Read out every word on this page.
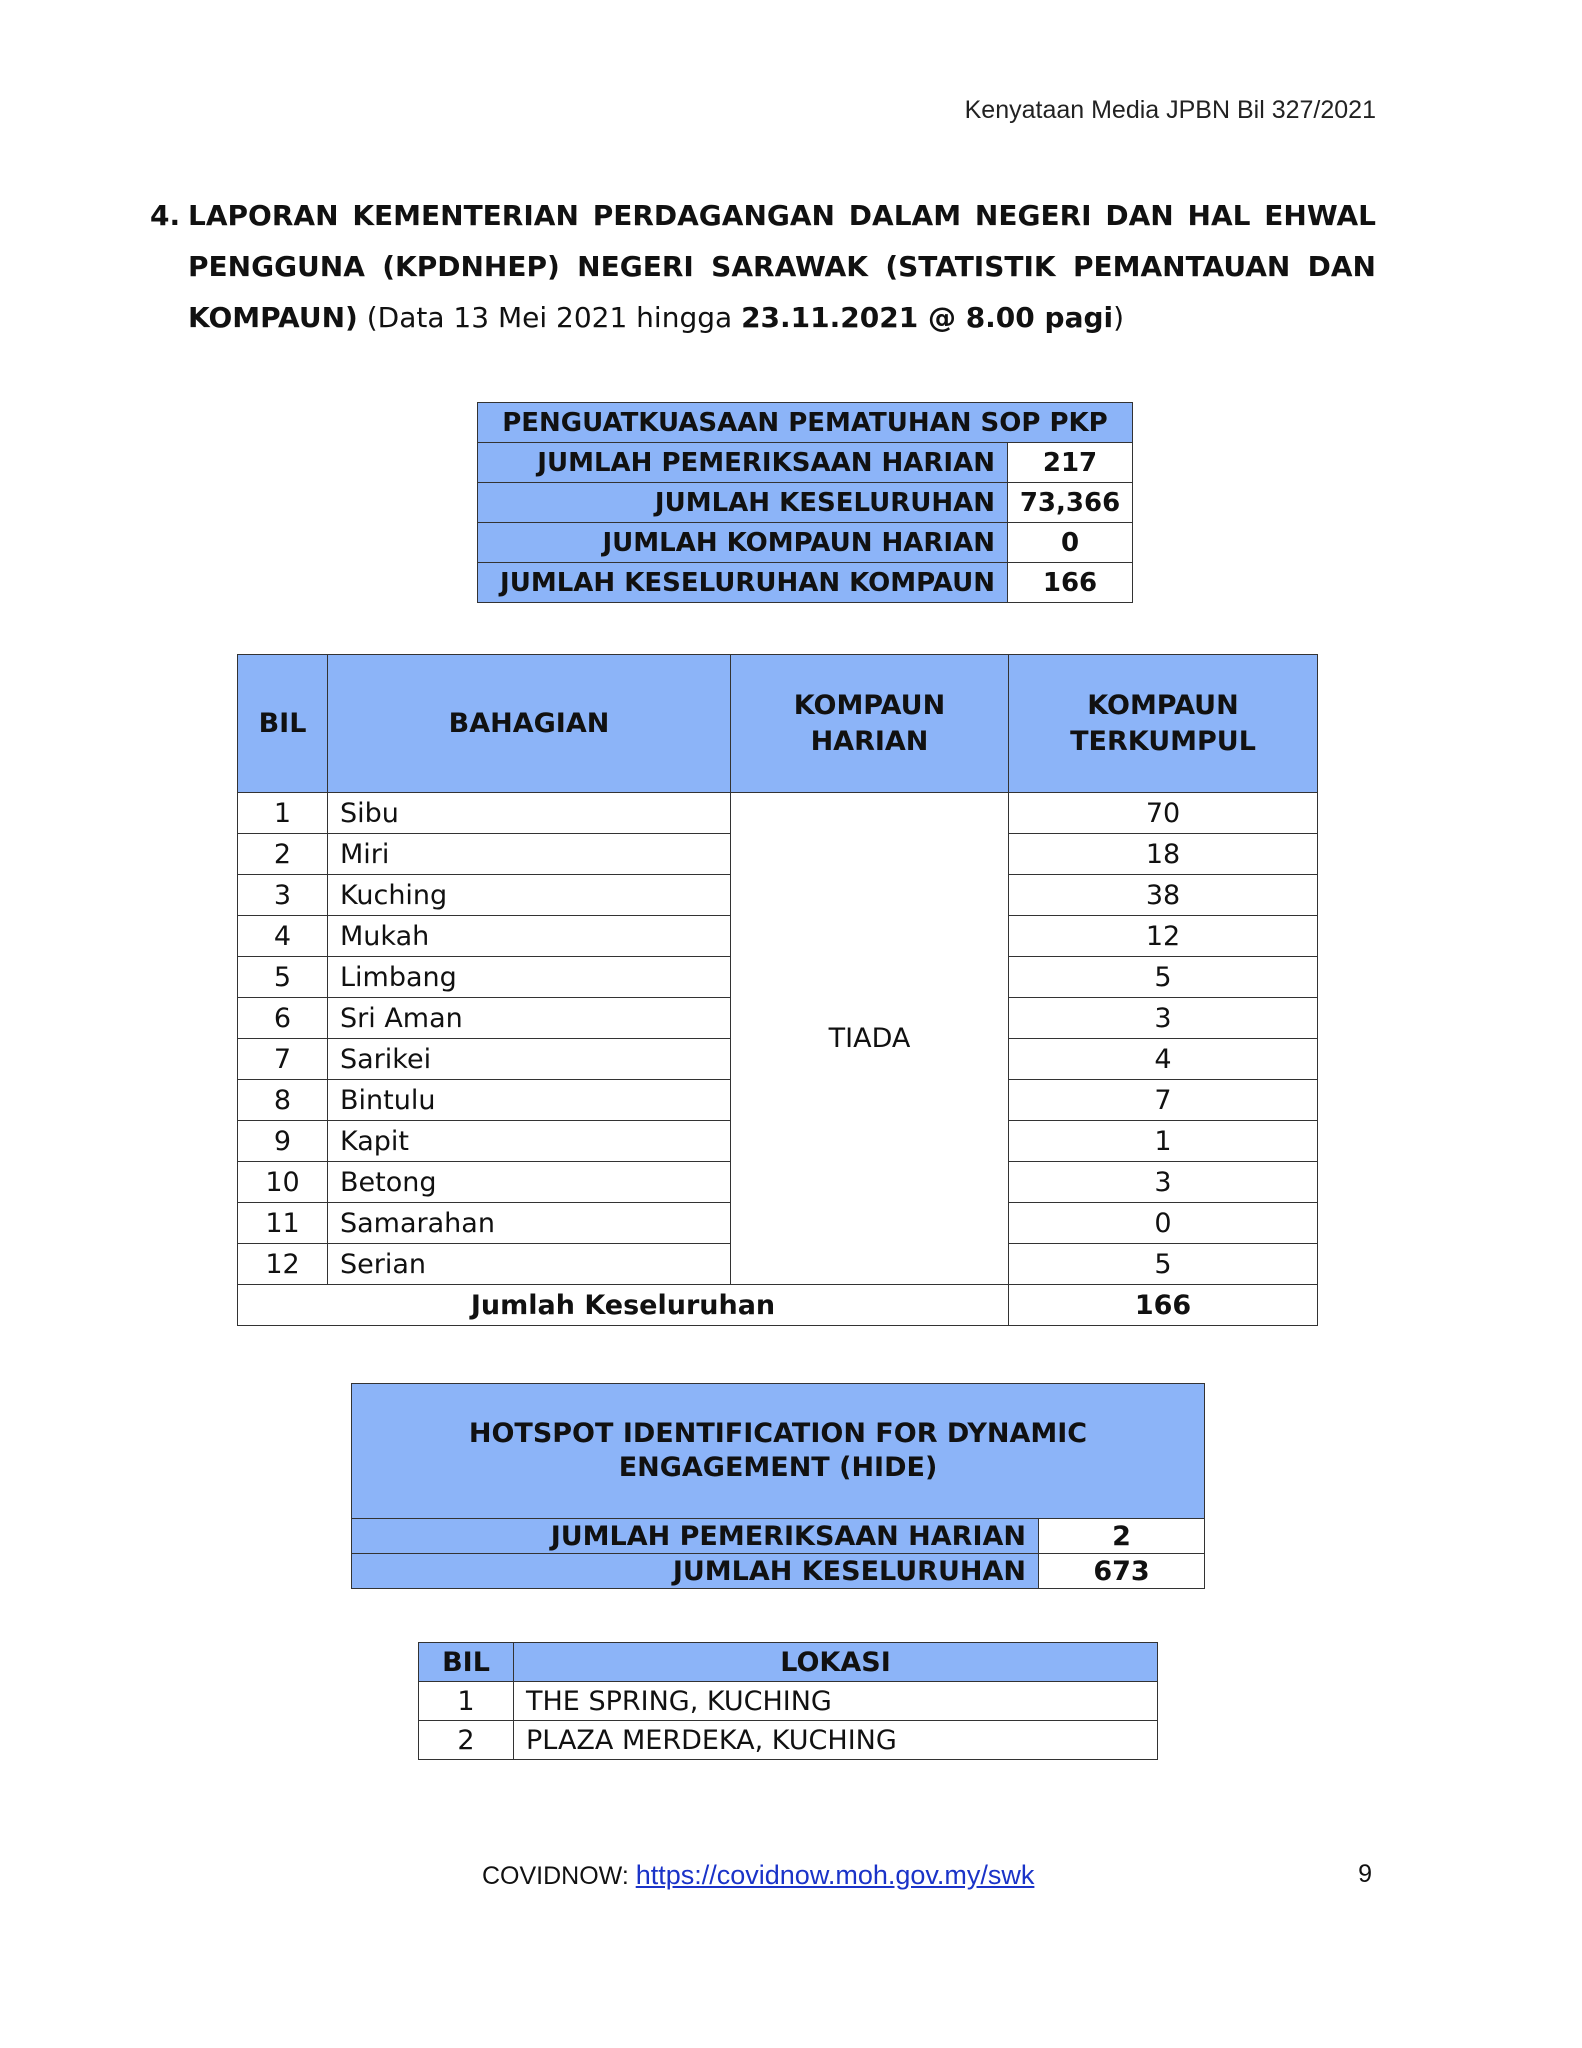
Kenyataan Media JPBN Bil 327/2021
4. LAPORAN KEMENTERIAN PERDAGANGAN DALAM NEGERI DAN HAL EHWAL PENGGUNA (KPDNHEP) NEGERI SARAWAK (STATISTIK PEMANTAUAN DAN KOMPAUN) (Data 13 Mei 2021 hingga 23.11.2021 @ 8.00 pagi)
PENGUATKUASAAN PEMATUHAN SOP PKP	
JUMLAH PEMERIKSAAN HARIAN	217
JUMLAH KESELURUHAN	73,366
JUMLAH KOMPAUN HARIAN	0
JUMLAH KESELURUHAN KOMPAUN	166
BIL	BAHAGIAN	KOMPAUN HARIAN	KOMPAUN TERKUMPUL
1	Sibu	TIADA	70
2	Miri		18
3	Kuching		38
4	Mukah		12
5	Limbang		5
6	Sri Aman		3
7	Sarikei		4
8	Bintulu		7
9	Kapit		1
10	Betong		3
11	Samarahan		0
12	Serian		5
Jumlah Keseluruhan			166
HOTSPOT IDENTIFICATION FOR DYNAMIC ENGAGEMENT (HIDE)	
JUMLAH PEMERIKSAAN HARIAN	2
JUMLAH KESELURUHAN	673
BIL	LOKASI
1	THE SPRING, KUCHING
2	PLAZA MERDEKA, KUCHING
COVIDNOW: https://covidnow.moh.gov.my/swk	9
